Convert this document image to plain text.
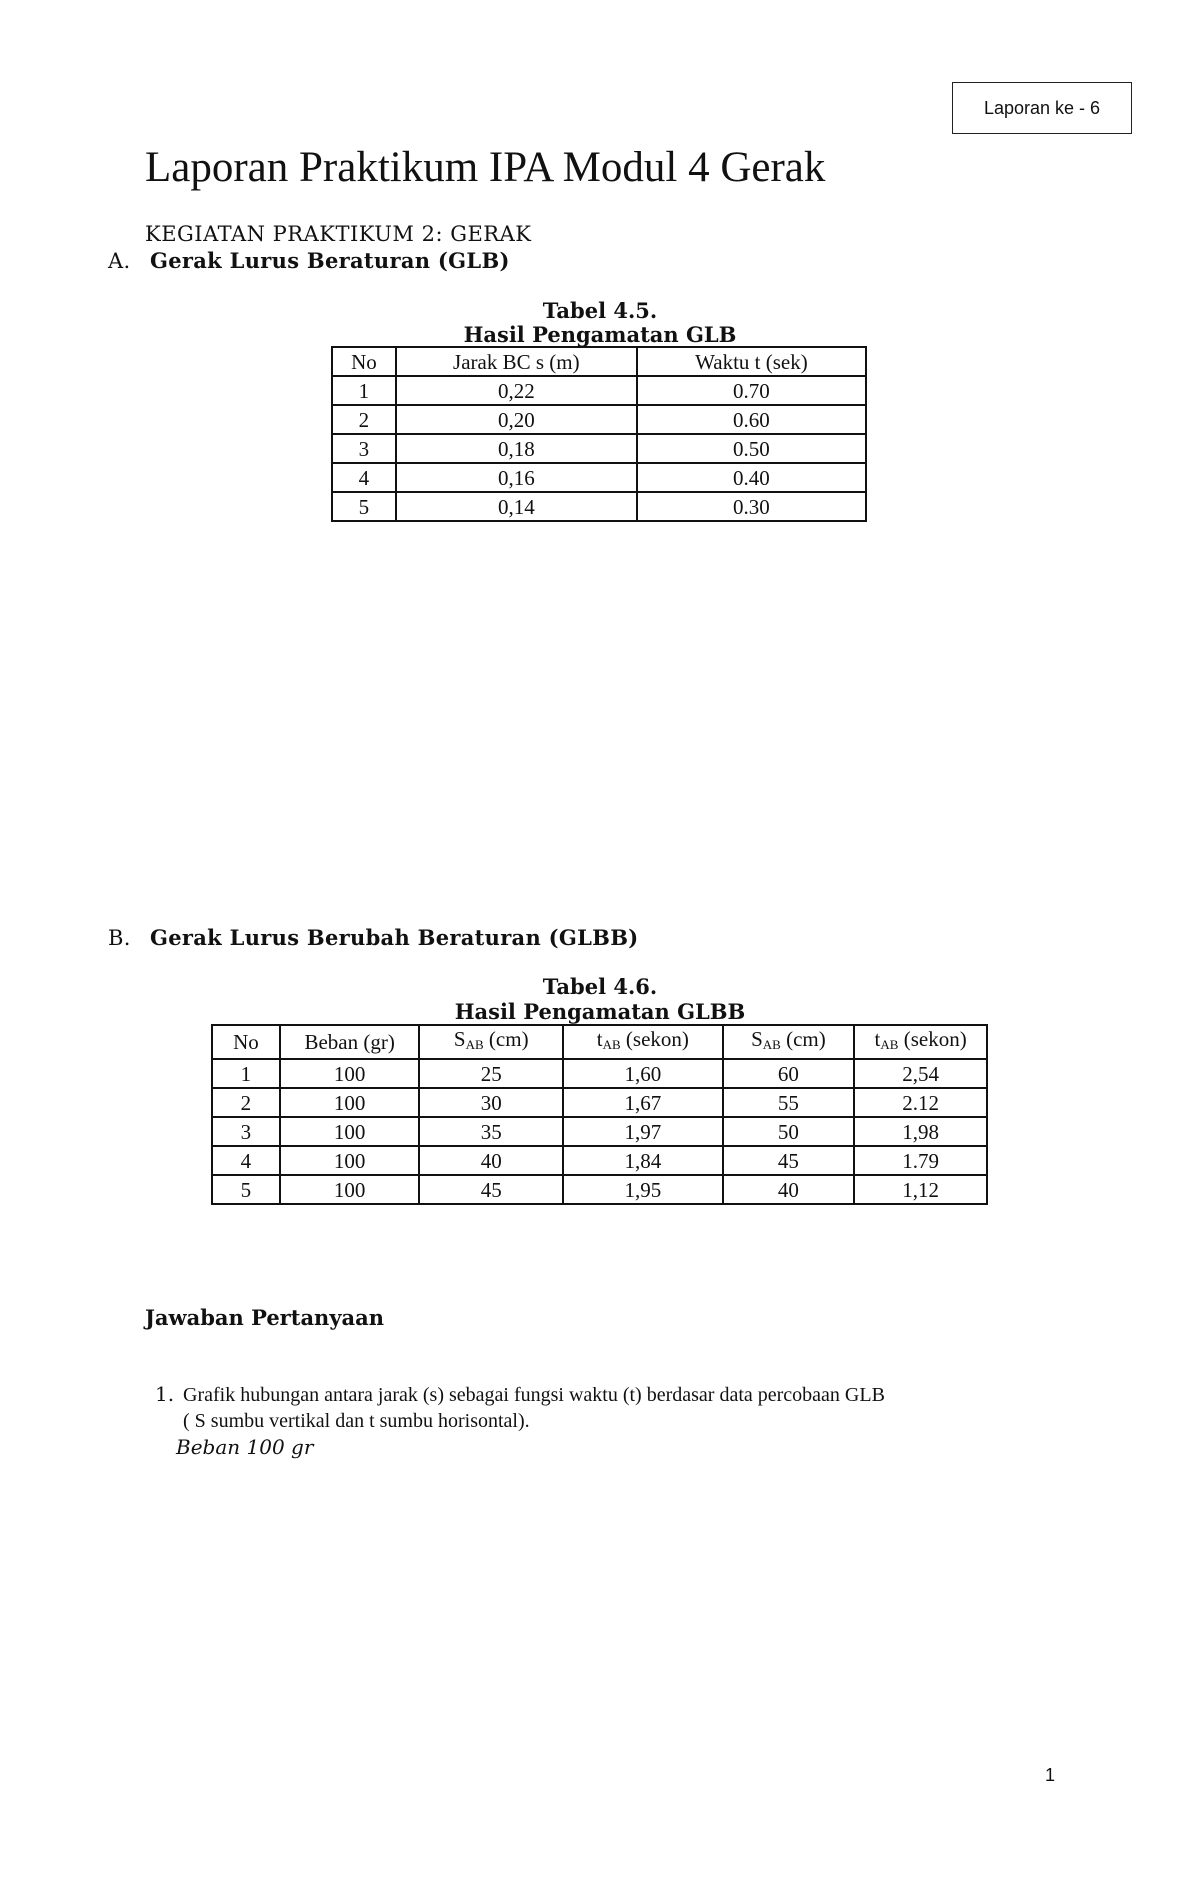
Laporan ke - 6
Laporan Praktikum IPA Modul 4 Gerak
KEGIATAN PRAKTIKUM 2: GERAK
A. Gerak Lurus Beraturan (GLB)
Tabel 4.5.
Hasil Pengamatan GLB
No	Jarak BC s (m)	Waktu t (sek)
1	0,22	0.70
2	0,20	0.60
3	0,18	0.50
4	0,16	0.40
5	0,14	0.30
B. Gerak Lurus Berubah Beraturan (GLBB)
Tabel 4.6.
Hasil Pengamatan GLBB
No	Beban (gr)	$S_{AB}$ (cm)	$t_{AB}$ (sekon)	$S_{AB}$ (cm)	$t_{AB}$ (sekon)
1	100	25	1,60	60	2,54
2	100	30	1,67	55	2.12
3	100	35	1,97	50	1,98
4	100	40	1,84	45	1.79
5	100	45	1,95	40	1,12
Jawaban Pertanyaan
1. Grafik hubungan antara jarak (s) sebagai fungsi waktu (t) berdasar data percobaan GLB
( S sumbu vertikal dan t sumbu horisontal).
Beban 100 gr
1
